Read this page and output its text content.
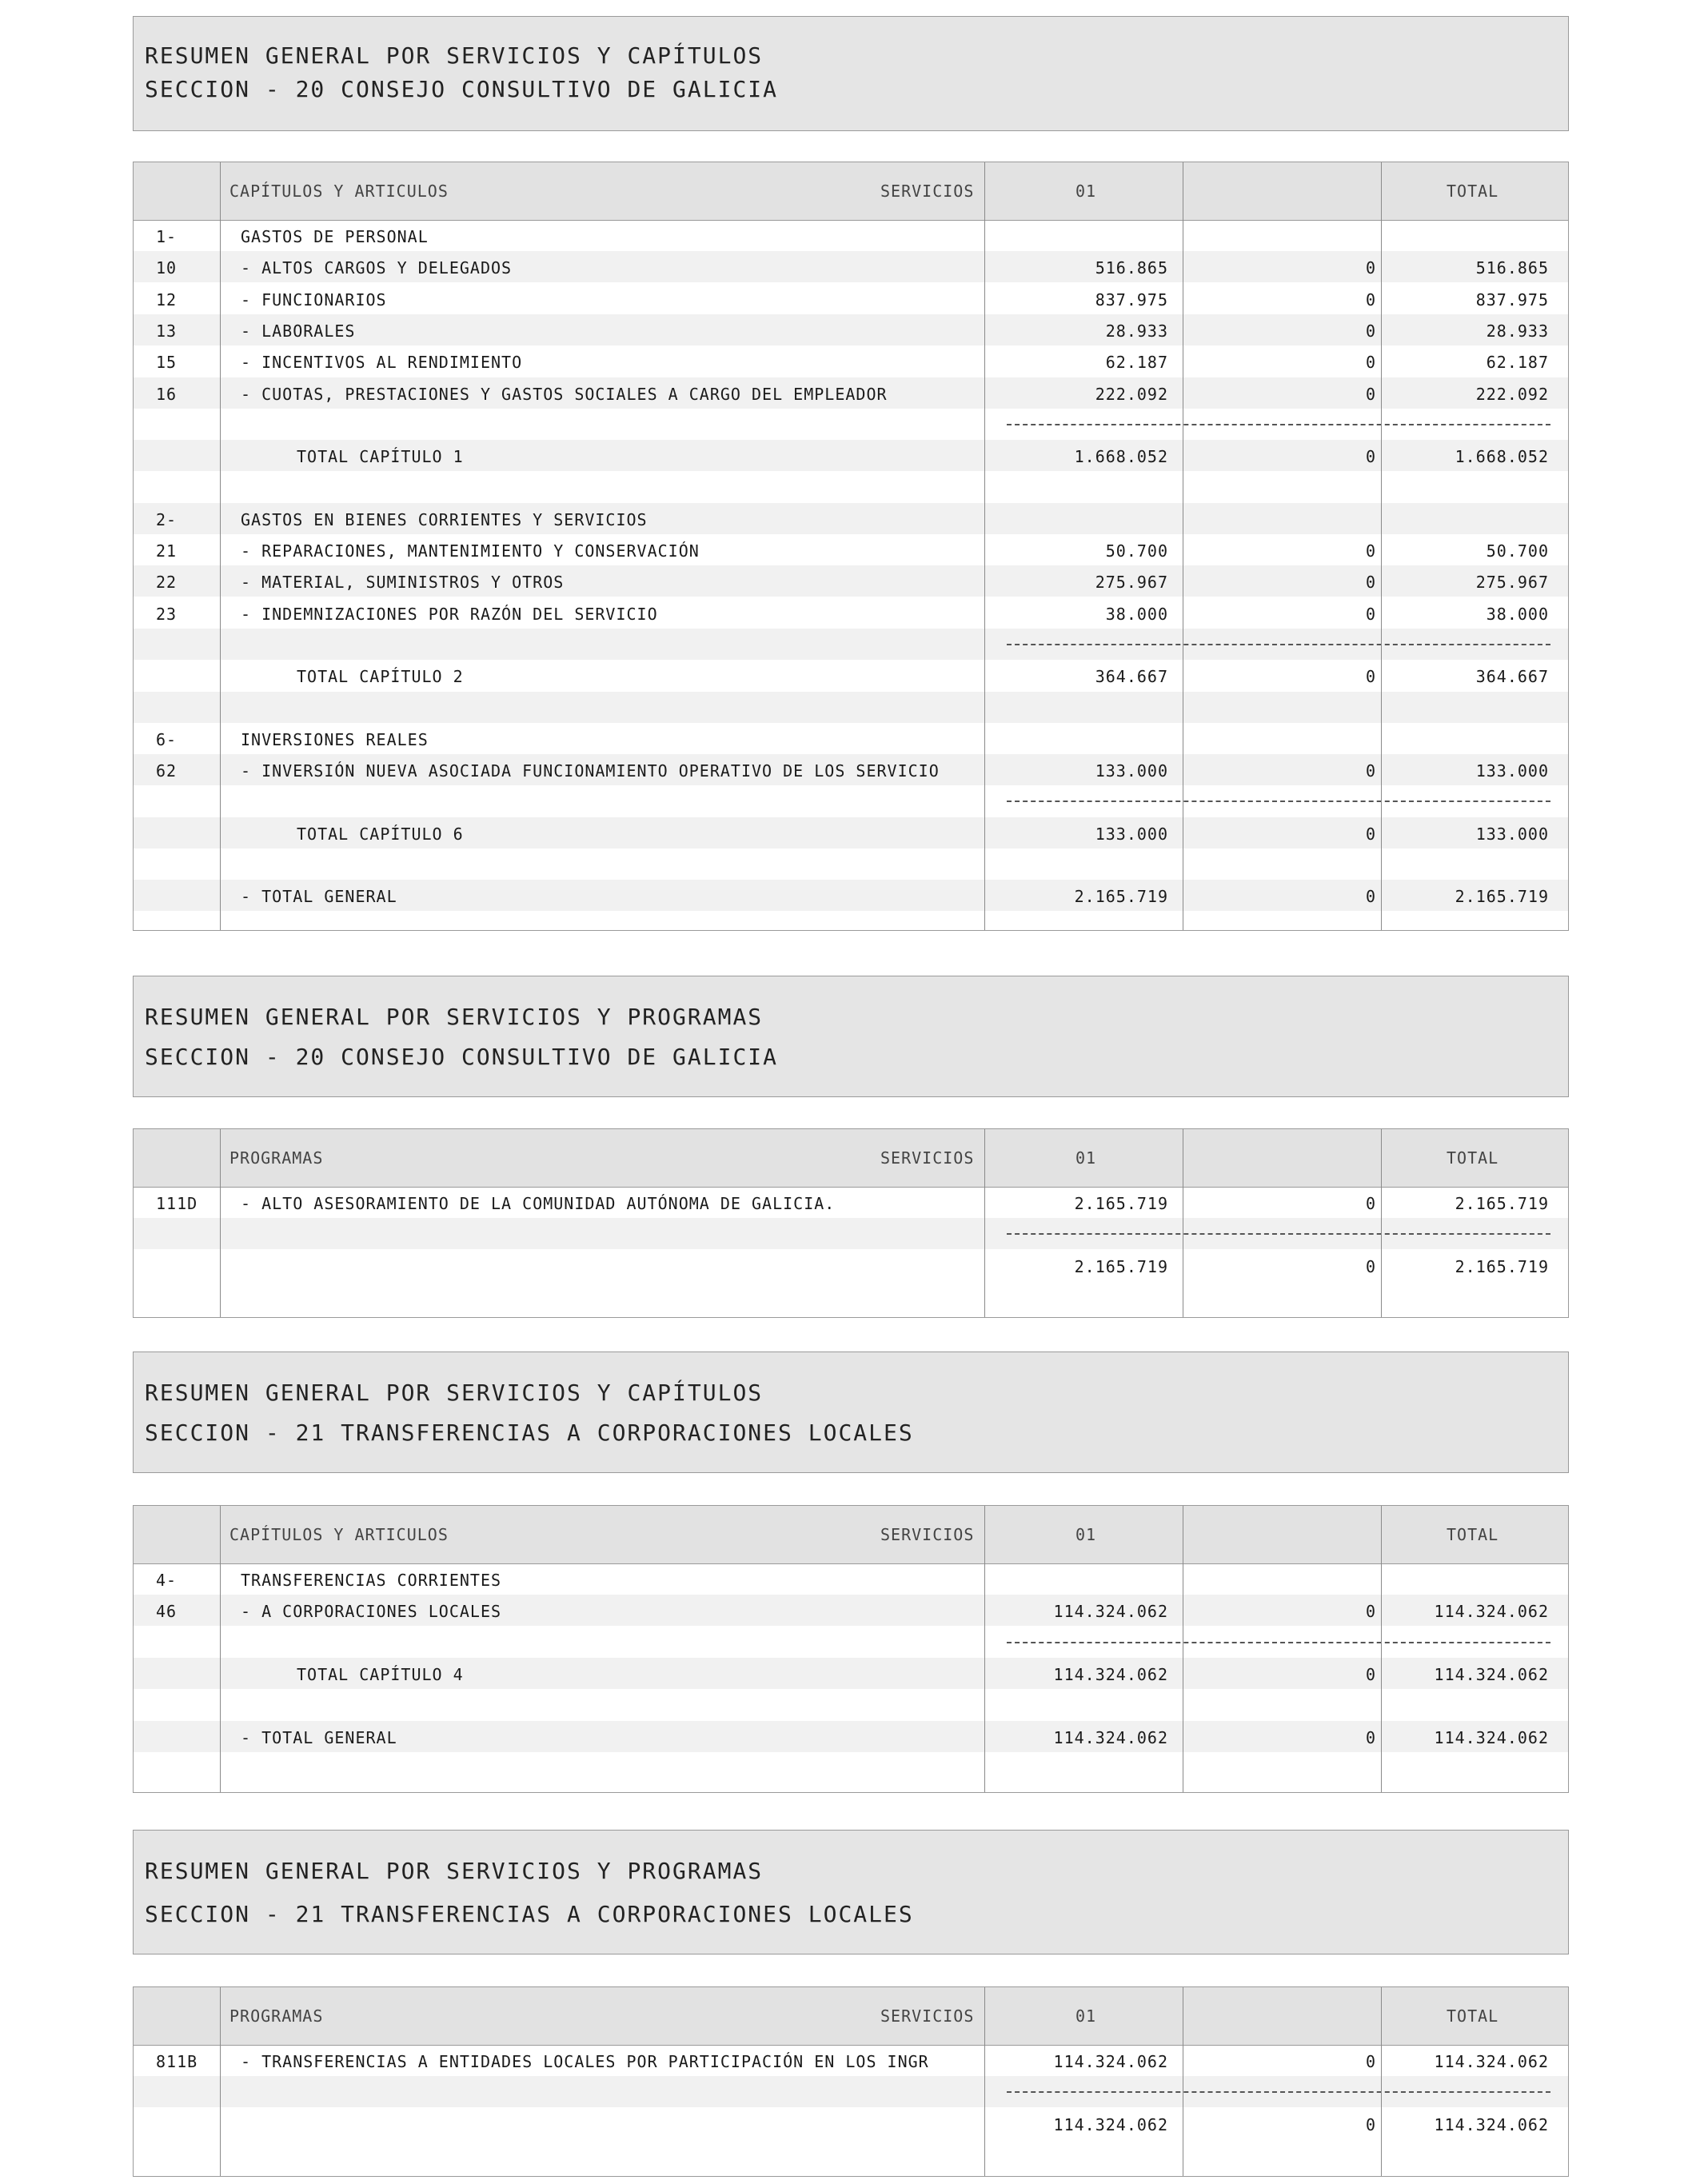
RESUMEN GENERAL POR SERVICIOS Y CAPÍTULOS
SECCION - 20 CONSEJO CONSULTIVO DE GALICIA
CAPÍTULOS Y ARTICULOS	SERVICIOS	01	TOTAL
1-	GASTOS DE PERSONAL
10	- ALTOS CARGOS Y DELEGADOS	516.865	0	516.865
12	- FUNCIONARIOS	837.975	0	837.975
13	- LABORALES	28.933	0	28.933
15	- INCENTIVOS AL RENDIMIENTO	62.187	0	62.187
16	- CUOTAS, PRESTACIONES Y GASTOS SOCIALES A CARGO DEL EMPLEADOR	222.092	0	222.092
TOTAL CAPÍTULO 1	1.668.052	0	1.668.052
2-	GASTOS EN BIENES CORRIENTES Y SERVICIOS
21	- REPARACIONES, MANTENIMIENTO Y CONSERVACIÓN	50.700	0	50.700
22	- MATERIAL, SUMINISTROS Y OTROS	275.967	0	275.967
23	- INDEMNIZACIONES POR RAZÓN DEL SERVICIO	38.000	0	38.000
TOTAL CAPÍTULO 2	364.667	0	364.667
6-	INVERSIONES REALES
62	- INVERSIÓN NUEVA ASOCIADA FUNCIONAMIENTO OPERATIVO DE LOS SERVICIO	133.000	0	133.000
TOTAL CAPÍTULO 6	133.000	0	133.000
- TOTAL GENERAL	2.165.719	0	2.165.719
RESUMEN GENERAL POR SERVICIOS Y PROGRAMAS
SECCION - 20 CONSEJO CONSULTIVO DE GALICIA
PROGRAMAS	SERVICIOS	01	TOTAL
111D	- ALTO ASESORAMIENTO DE LA COMUNIDAD AUTÓNOMA DE GALICIA.	2.165.719	0	2.165.719
2.165.719	0	2.165.719
RESUMEN GENERAL POR SERVICIOS Y CAPÍTULOS
SECCION - 21 TRANSFERENCIAS A CORPORACIONES LOCALES
CAPÍTULOS Y ARTICULOS	SERVICIOS	01	TOTAL
4-	TRANSFERENCIAS CORRIENTES
46	- A CORPORACIONES LOCALES	114.324.062	0	114.324.062
TOTAL CAPÍTULO 4	114.324.062	0	114.324.062
- TOTAL GENERAL	114.324.062	0	114.324.062
RESUMEN GENERAL POR SERVICIOS Y PROGRAMAS
SECCION - 21 TRANSFERENCIAS A CORPORACIONES LOCALES
PROGRAMAS	SERVICIOS	01	TOTAL
811B	- TRANSFERENCIAS A ENTIDADES LOCALES POR PARTICIPACIÓN EN LOS INGR	114.324.062	0	114.324.062
114.324.062	0	114.324.062
